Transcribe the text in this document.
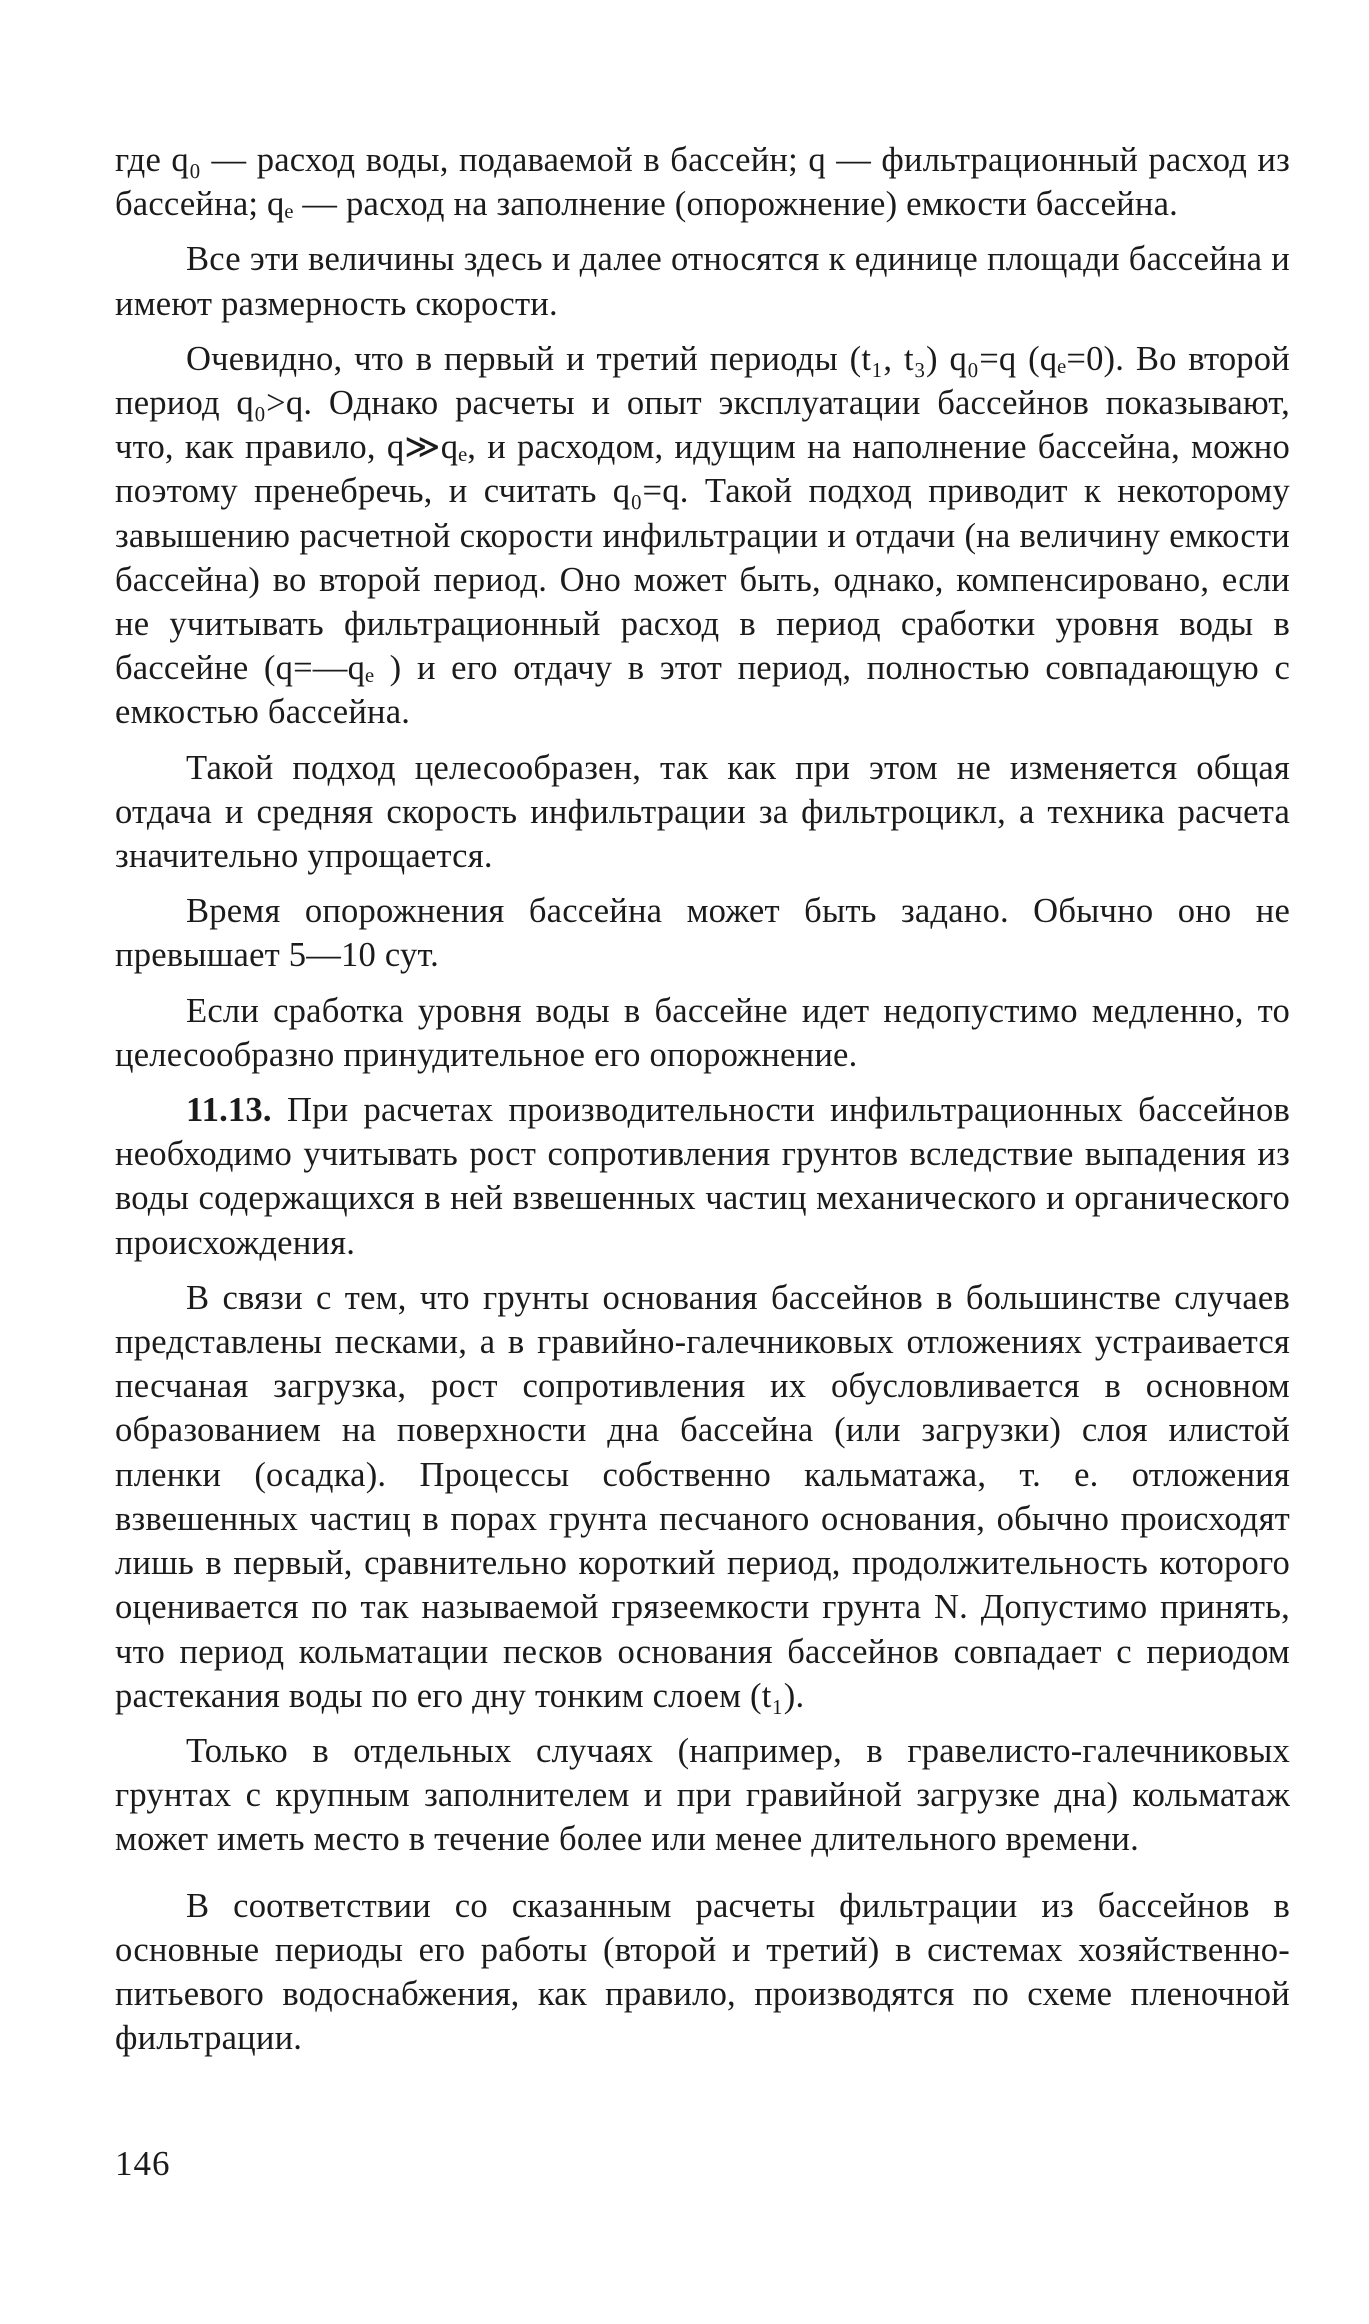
где q₀ — расход воды, подаваемой в бассейн; q — фильтрационный расход из бассейна; qₑ — расход на заполнение (опорожнение) емкости бассейна.

Все эти величины здесь и далее относятся к единице площади бассейна и имеют размерность скорости.

Очевидно, что в первый и третий периоды (t₁, t₃) q₀=q (qₑ=0). Во второй период q₀>q. Однако расчеты и опыт эксплуатации бассейнов показывают, что, как правило, q≫qₑ, и расходом, идущим на наполнение бассейна, можно поэтому пренебречь, и считать q₀=q. Такой подход приводит к некоторому завышению расчетной скорости инфильтрации и отдачи (на величину емкости бассейна) во второй период. Оно может быть, однако, компенсировано, если не учитывать фильтрационный расход в период сработки уровня воды в бассейне (q=—qₑ ) и его отдачу в этот период, полностью совпадающую с емкостью бассейна.

Такой подход целесообразен, так как при этом не изменяется общая отдача и средняя скорость инфильтрации за фильтроцикл, а техника расчета значительно упрощается.

Время опорожнения бассейна может быть задано. Обычно оно не превышает 5—10 сут.

Если сработка уровня воды в бассейне идет недопустимо медленно, то целесообразно принудительное его опорожнение.

11.13. При расчетах производительности инфильтрационных бассейнов необходимо учитывать рост сопротивления грунтов вследствие выпадения из воды содержащихся в ней взвешенных частиц механического и органического происхождения.

В связи с тем, что грунты основания бассейнов в большинстве случаев представлены песками, а в гравийно-галечниковых отложениях устраивается песчаная загрузка, рост сопротивления их обусловливается в основном образованием на поверхности дна бассейна (или загрузки) слоя илистой пленки (осадка). Процессы собственно кальматажа, т. е. отложения взвешенных частиц в порах грунта песчаного основания, обычно происходят лишь в первый, сравнительно короткий период, продолжительность которого оценивается по так называемой грязеемкости грунта N. Допустимо принять, что период кольматации песков основания бассейнов совпадает с периодом растекания воды по его дну тонким слоем (t₁).

Только в отдельных случаях (например, в гравелисто-галечниковых грунтах с крупным заполнителем и при гравийной загрузке дна) кольматаж может иметь место в течение более или менее длительного времени.

В соответствии со сказанным расчеты фильтрации из бассейнов в основные периоды его работы (второй и третий) в системах хозяйственно-питьевого водоснабжения, как правило, производятся по схеме пленочной фильтрации.

146
